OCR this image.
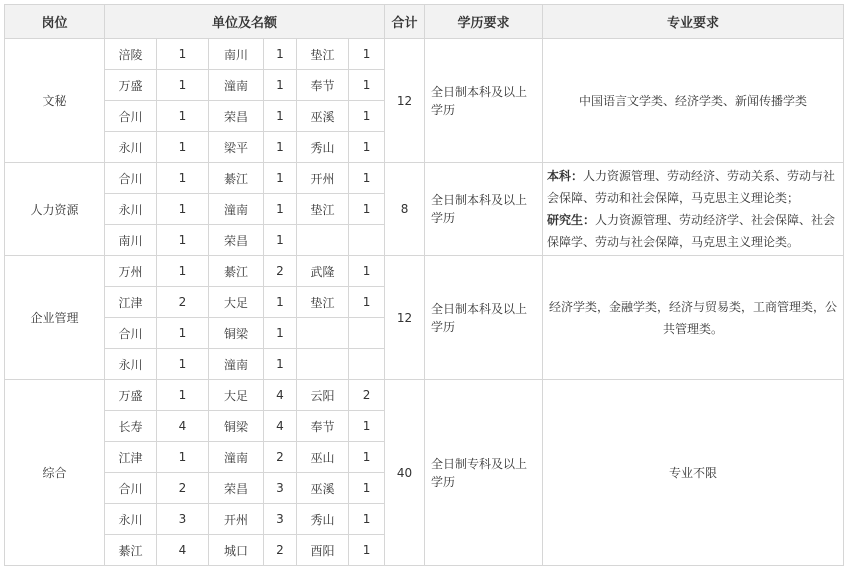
岗位	单位及名额						合计	学历要求	专业要求
文秘	涪陵	1	南川	1	垫江	1	12	全日制本科及以上学历	中国语言文学类、经济学类、新闻传播学类
	万盛	1	潼南	1	奉节	1			
	合川	1	荣昌	1	巫溪	1			
	永川	1	梁平	1	秀山	1			
人力资源	合川	1	綦江	1	开州	1	8	全日制本科及以上学历	本科：人力资源管理、劳动经济、劳动关系、劳动与社会保障、劳动和社会保障，马克思主义理论类；
研究生：人力资源管理、劳动经济学、社会保障、社会保障学、劳动与社会保障，马克思主义理论类。
	永川	1	潼南	1	垫江	1			
	南川	1	荣昌	1					
企业管理	万州	1	綦江	2	武隆	1	12	全日制本科及以上学历	经济学类，金融学类，经济与贸易类，工商管理类，公共管理类。
	江津	2	大足	1	垫江	1			
	合川	1	铜梁	1					
	永川	1	潼南	1					
综合	万盛	1	大足	4	云阳	2	40	全日制专科及以上学历	专业不限
	长寿	4	铜梁	4	奉节	1			
	江津	1	潼南	2	巫山	1			
	合川	2	荣昌	3	巫溪	1			
	永川	3	开州	3	秀山	1			
	綦江	4	城口	2	酉阳	1			
